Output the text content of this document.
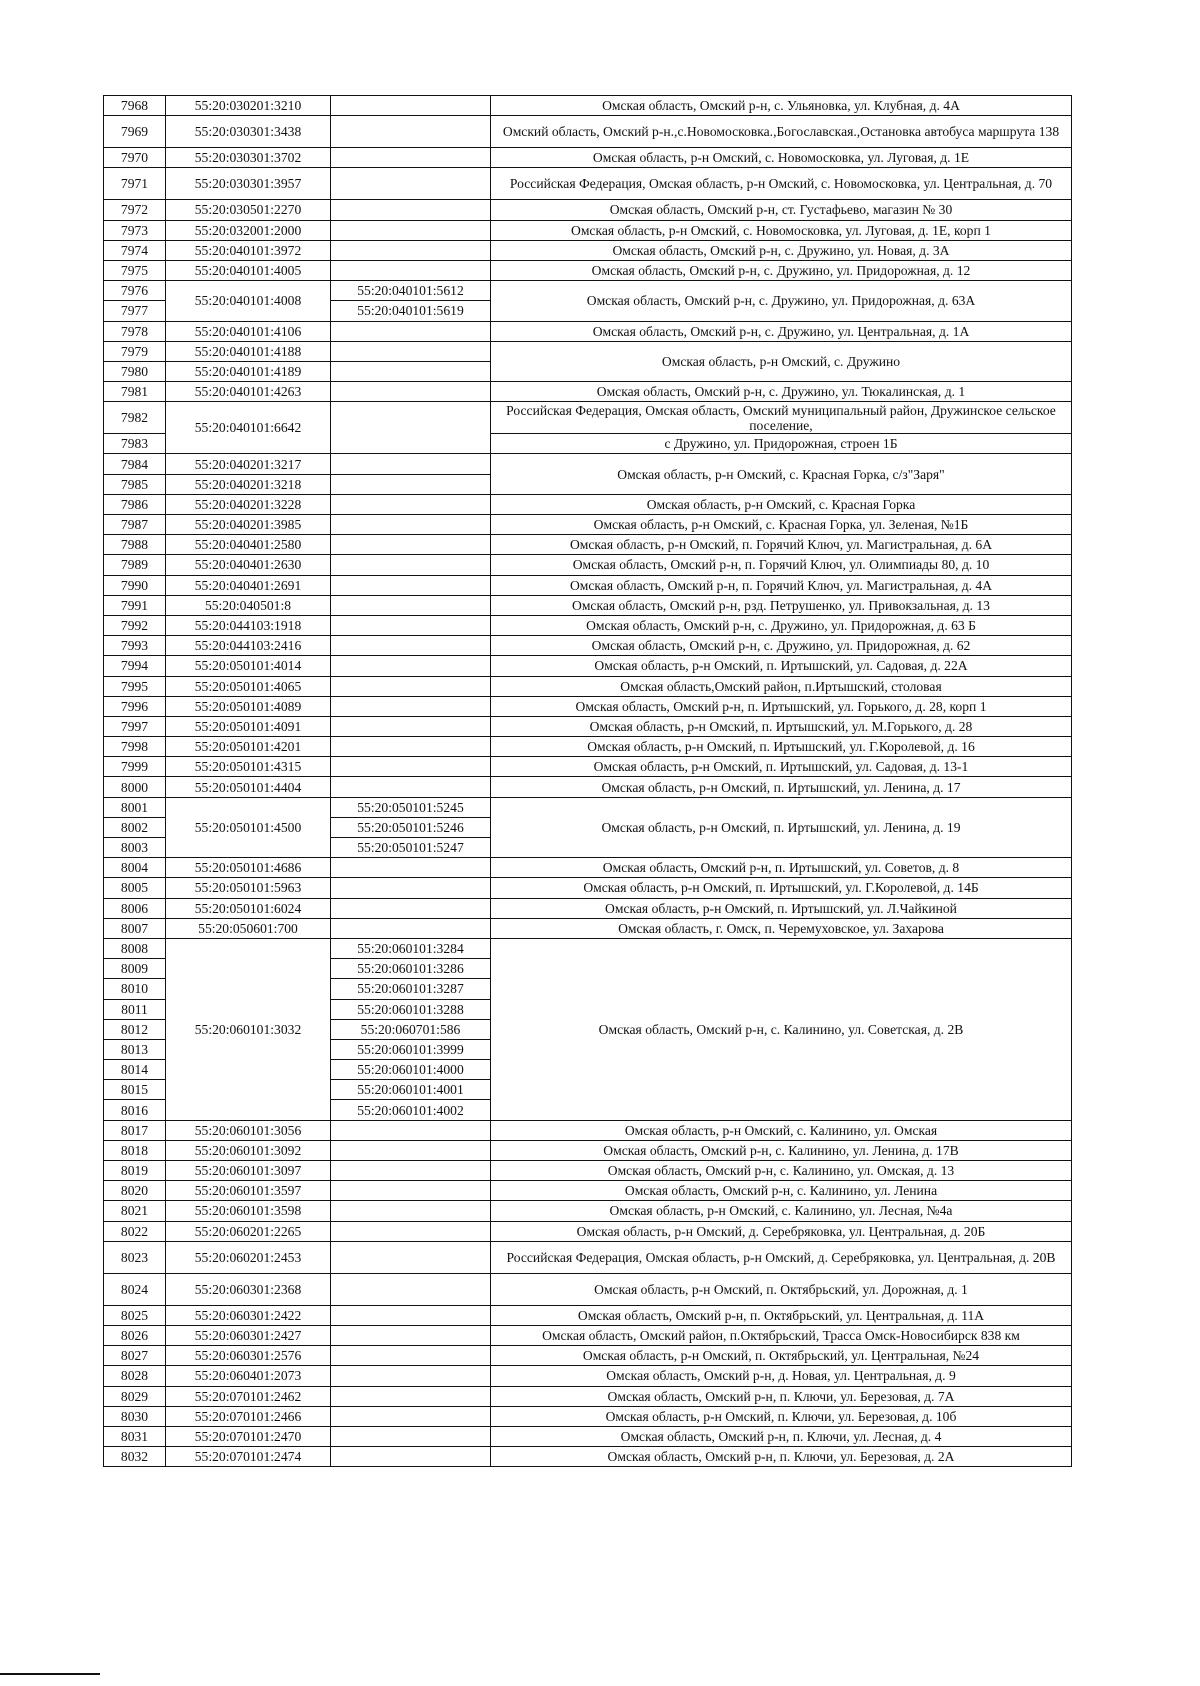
7968	55:20:030201:3210		Омская область, Омский р-н, с. Ульяновка, ул. Клубная, д. 4А
7969	55:20:030301:3438		Омский область, Омский р-н.,с.Новомосковка.,Богославская.,Остановка автобуса маршрута 138
7970	55:20:030301:3702		Омская область, р-н Омский, с. Новомосковка, ул. Луговая, д. 1Е
7971	55:20:030301:3957		Российская Федерация, Омская область, р-н Омский, с. Новомосковка, ул. Центральная, д. 70
7972	55:20:030501:2270		Омская область, Омский р-н, ст. Густафьево, магазин № 30
7973	55:20:032001:2000		Омская область, р-н Омский, с. Новомосковка, ул. Луговая, д. 1Е, корп 1
7974	55:20:040101:3972		Омская область, Омский р-н, с. Дружино, ул. Новая, д. 3А
7975	55:20:040101:4005		Омская область, Омский р-н, с. Дружино, ул. Придорожная, д. 12
7976	55:20:040101:4008	55:20:040101:5612	Омская область, Омский р-н, с. Дружино, ул. Придорожная, д. 63А
7977		55:20:040101:5619	
7978	55:20:040101:4106		Омская область, Омский р-н, с. Дружино, ул. Центральная, д. 1А
7979	55:20:040101:4188		Омская область, р-н Омский, с. Дружино
7980	55:20:040101:4189		
7981	55:20:040101:4263		Омская область, Омский р-н, с. Дружино, ул. Тюкалинская, д. 1
7982	55:20:040101:6642		Российская Федерация, Омская область, Омский муниципальный район, Дружинское сельское поселение,
7983			с Дружино, ул. Придорожная, строен 1Б
7984	55:20:040201:3217		Омская область, р-н Омский, с. Красная Горка, с/з"Заря"
7985	55:20:040201:3218		
7986	55:20:040201:3228		Омская область, р-н Омский, с. Красная Горка
7987	55:20:040201:3985		Омская область, р-н Омский, с. Красная Горка, ул. Зеленая, №1Б
7988	55:20:040401:2580		Омская область, р-н Омский, п. Горячий Ключ, ул. Магистральная, д. 6А
7989	55:20:040401:2630		Омская область, Омский р-н, п. Горячий Ключ, ул. Олимпиады 80, д. 10
7990	55:20:040401:2691		Омская область, Омский р-н, п. Горячий Ключ, ул. Магистральная, д. 4А
7991	55:20:040501:8		Омская область, Омский р-н, рзд. Петрушенко, ул. Привокзальная, д. 13
7992	55:20:044103:1918		Омская область, Омский р-н, с. Дружино, ул. Придорожная, д. 63 Б
7993	55:20:044103:2416		Омская область, Омский р-н, с. Дружино, ул. Придорожная, д. 62
7994	55:20:050101:4014		Омская область, р-н Омский, п. Иртышский, ул. Садовая, д. 22А
7995	55:20:050101:4065		Омская область,Омский район, п.Иртышский, столовая
7996	55:20:050101:4089		Омская область, Омский р-н, п. Иртышский, ул. Горького, д. 28, корп 1
7997	55:20:050101:4091		Омская область, р-н Омский, п. Иртышский, ул. М.Горького, д. 28
7998	55:20:050101:4201		Омская область, р-н Омский, п. Иртышский, ул. Г.Королевой, д. 16
7999	55:20:050101:4315		Омская область, р-н Омский, п. Иртышский, ул. Садовая, д. 13-1
8000	55:20:050101:4404		Омская область, р-н Омский, п. Иртышский, ул. Ленина, д. 17
8001	55:20:050101:4500	55:20:050101:5245	Омская область, р-н Омский, п. Иртышский, ул. Ленина, д. 19
8002		55:20:050101:5246	
8003		55:20:050101:5247	
8004	55:20:050101:4686		Омская область, Омский р-н, п. Иртышский, ул. Советов, д. 8
8005	55:20:050101:5963		Омская область, р-н Омский, п. Иртышский, ул. Г.Королевой, д. 14Б
8006	55:20:050101:6024		Омская область, р-н Омский, п. Иртышский, ул. Л.Чайкиной
8007	55:20:050601:700		Омская область, г. Омск, п. Черемуховское, ул. Захарова
8008	55:20:060101:3032	55:20:060101:3284	Омская область, Омский р-н, с. Калинино, ул. Советская, д. 2В
8009		55:20:060101:3286	
8010		55:20:060101:3287	
8011		55:20:060101:3288	
8012		55:20:060701:586	
8013		55:20:060101:3999	
8014		55:20:060101:4000	
8015		55:20:060101:4001	
8016		55:20:060101:4002	
8017	55:20:060101:3056		Омская область, р-н Омский, с. Калинино, ул. Омская
8018	55:20:060101:3092		Омская область, Омский р-н, с. Калинино, ул. Ленина, д. 17В
8019	55:20:060101:3097		Омская область, Омский р-н, с. Калинино, ул. Омская, д. 13
8020	55:20:060101:3597		Омская область, Омский р-н, с. Калинино, ул. Ленина
8021	55:20:060101:3598		Омская область, р-н Омский, с. Калинино, ул. Лесная, №4а
8022	55:20:060201:2265		Омская область, р-н Омский, д. Серебряковка, ул. Центральная, д. 20Б
8023	55:20:060201:2453		Российская Федерация, Омская область, р-н Омский, д. Серебряковка, ул. Центральная, д. 20В
8024	55:20:060301:2368		Омская область, р-н Омский, п. Октябрьский, ул. Дорожная, д. 1
8025	55:20:060301:2422		Омская область, Омский р-н, п. Октябрьский, ул. Центральная, д. 11А
8026	55:20:060301:2427		Омская область, Омский район, п.Октябрьский, Трасса Омск-Новосибирск 838 км
8027	55:20:060301:2576		Омская область, р-н Омский, п. Октябрьский, ул. Центральная, №24
8028	55:20:060401:2073		Омская область, Омский р-н, д. Новая, ул. Центральная, д. 9
8029	55:20:070101:2462		Омская область, Омский р-н, п. Ключи, ул. Березовая, д. 7А
8030	55:20:070101:2466		Омская область, р-н Омский, п. Ключи, ул. Березовая, д. 10б
8031	55:20:070101:2470		Омская область, Омский р-н, п. Ключи, ул. Лесная, д. 4
8032	55:20:070101:2474		Омская область, Омский р-н, п. Ключи, ул. Березовая, д. 2А
